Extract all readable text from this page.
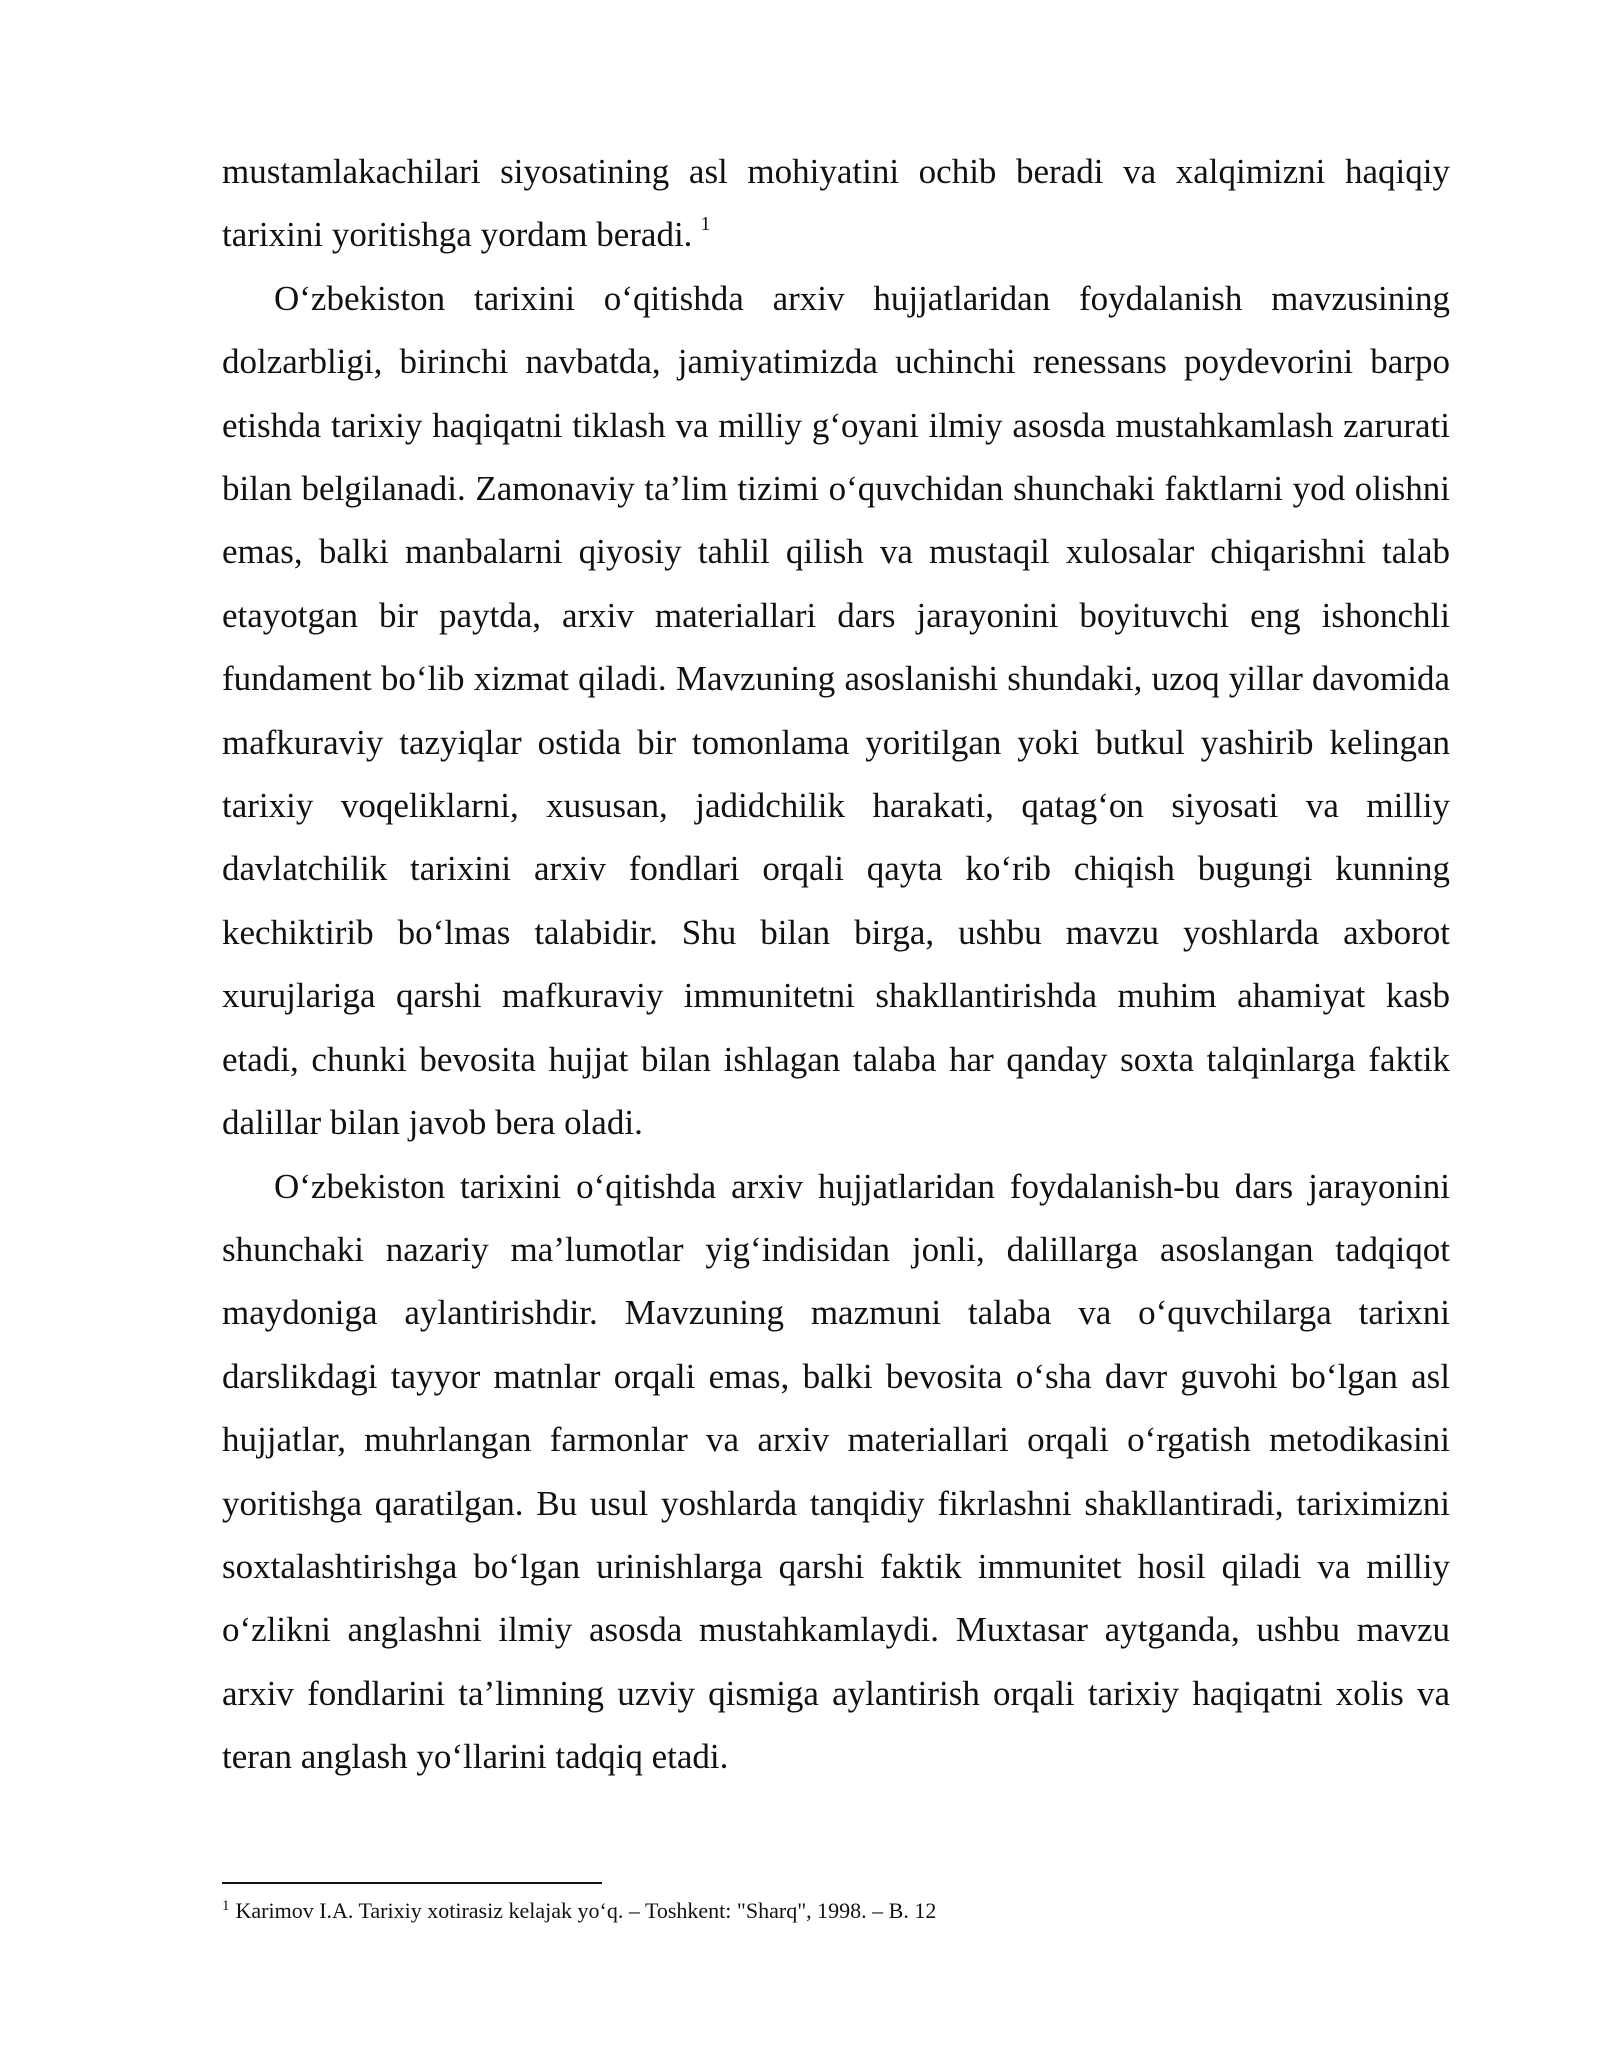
mustamlakachilari siyosatining asl mohiyatini ochib beradi va xalqimizni haqiqiy tarixini yoritishga yordam beradi. $^1$

O‘zbekiston tarixini o‘qitishda arxiv hujjatlaridan foydalanish mavzusining dolzarbligi, birinchi navbatda, jamiyatimizda uchinchi renessans poydevorini barpo etishda tarixiy haqiqatni tiklash va milliy g‘oyani ilmiy asosda mustahkamlash zarurati bilan belgilanadi. Zamonaviy ta’lim tizimi o‘quvchidan shunchaki faktlarni yod olishni emas, balki manbalarni qiyosiy tahlil qilish va mustaqil xulosalar chiqarishni talab etayotgan bir paytda, arxiv materiallari dars jarayonini boyituvchi eng ishonchli fundament bo‘lib xizmat qiladi. Mavzuning asoslanishi shundaki, uzoq yillar davomida mafkuraviy tazyiqlar ostida bir tomonlama yoritilgan yoki butkul yashirib kelingan tarixiy voqeliklarni, xususan, jadidchilik harakati, qatag‘on siyosati va milliy davlatchilik tarixini arxiv fondlari orqali qayta ko‘rib chiqish bugungi kunning kechiktirib bo‘lmas talabidir. Shu bilan birga, ushbu mavzu yoshlarda axborot xurujlariga qarshi mafkuraviy immunitetni shakllantirishda muhim ahamiyat kasb etadi, chunki bevosita hujjat bilan ishlagan talaba har qanday soxta talqinlarga faktik dalillar bilan javob bera oladi.

O‘zbekiston tarixini o‘qitishda arxiv hujjatlaridan foydalanish-bu dars jarayonini shunchaki nazariy ma’lumotlar yig‘indisidan jonli, dalillarga asoslangan tadqiqot maydoniga aylantirishdir. Mavzuning mazmuni talaba va o‘quvchilarga tarixni darslikdagi tayyor matnlar orqali emas, balki bevosita o‘sha davr guvohi bo‘lgan asl hujjatlar, muhrlangan farmonlar va arxiv materiallari orqali o‘rgatish metodikasini yoritishga qaratilgan. Bu usul yoshlarda tanqidiy fikrlashni shakllantiradi, tariximizni soxtalashtirishga bo‘lgan urinishlarga qarshi faktik immunitet hosil qiladi va milliy o‘zlikni anglashni ilmiy asosda mustahkamlaydi. Muxtasar aytganda, ushbu mavzu arxiv fondlarini ta’limning uzviy qismiga aylantirish orqali tarixiy haqiqatni xolis va teran anglash yo‘llarini tadqiq etadi.

$^1$ Karimov I.A. Tarixiy xotirasiz kelajak yo‘q. – Toshkent: "Sharq", 1998. – B. 12
